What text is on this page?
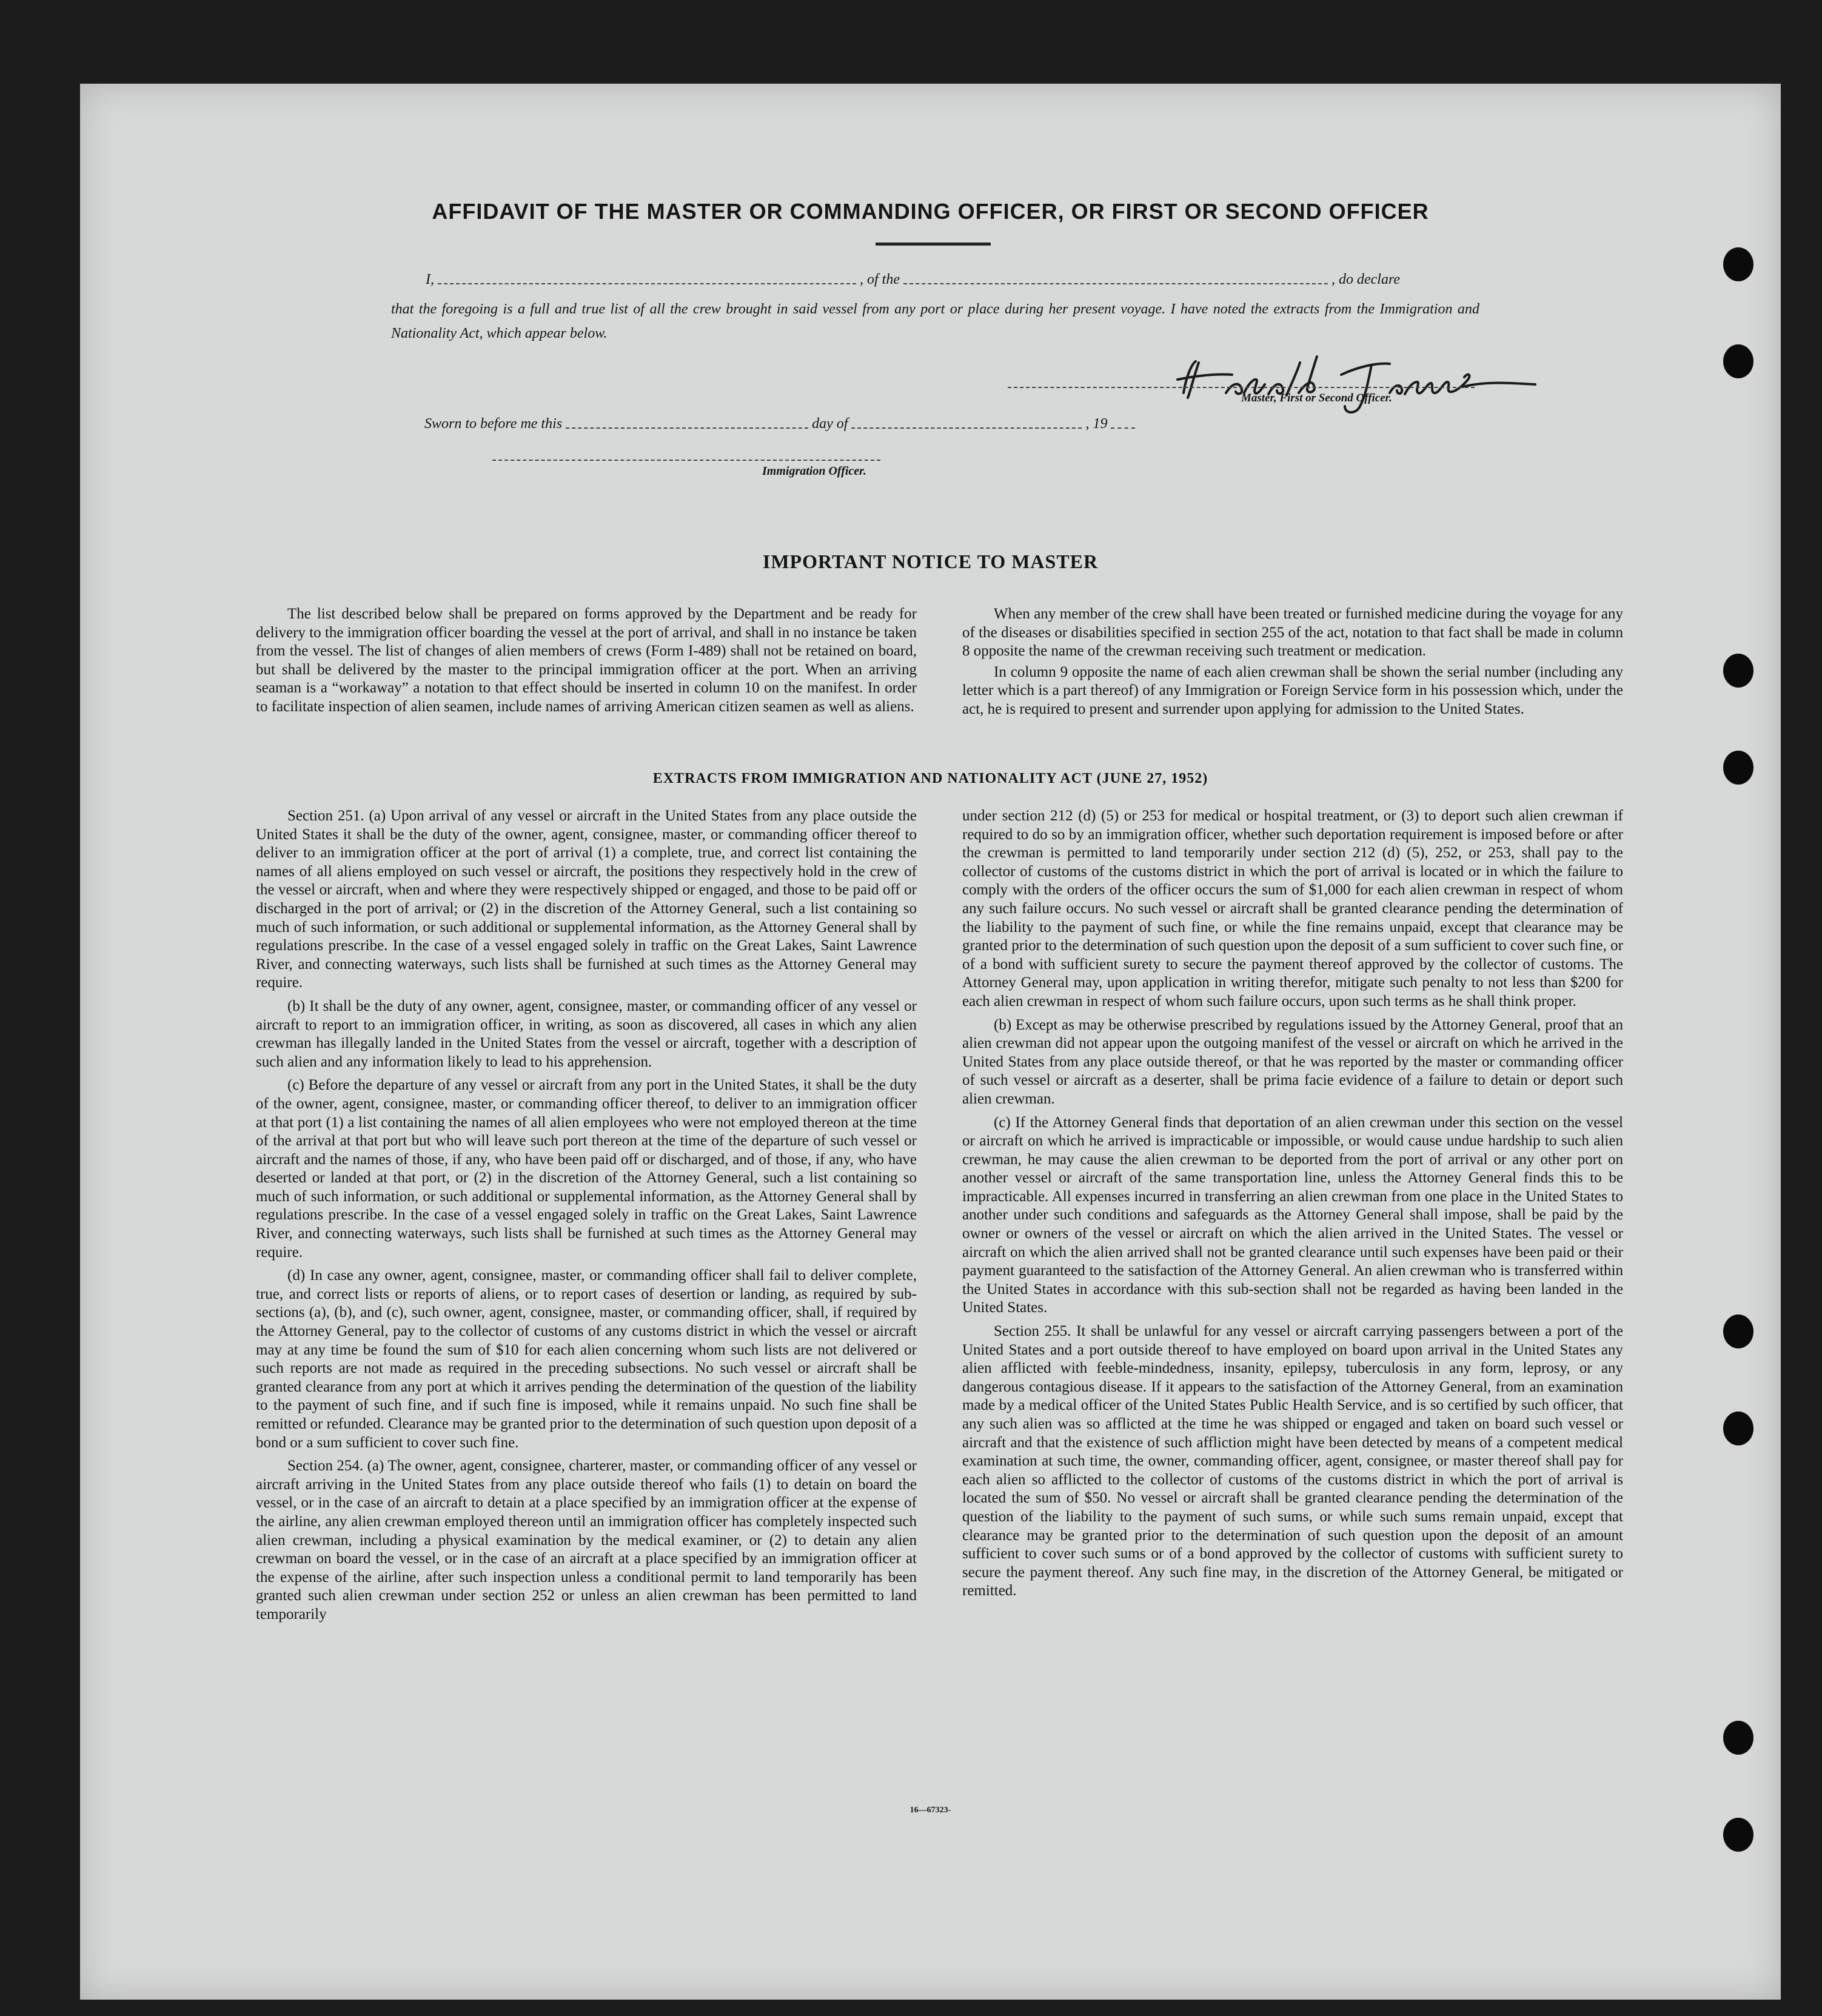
AFFIDAVIT OF THE MASTER OR COMMANDING OFFICER, OR FIRST OR SECOND OFFICER
I,	, of the	, do declare
that the foregoing is a full and true list of all the crew brought in said vessel from any port or place during her present voyage. I have noted the extracts from the Immigration and Nationality Act, which appear below.
Master, First or Second Officer.
Sworn to before me this	day of	, 19
Immigration Officer.
IMPORTANT NOTICE TO MASTER

The list described below shall be prepared on forms approved by the Department and be ready for delivery to the immigration officer boarding the vessel at the port of arrival, and shall in no instance be taken from the vessel. The list of changes of alien members of crews (Form I-489) shall not be retained on board, but shall be delivered by the master to the principal immigration officer at the port. When an arriving seaman is a “workaway” a notation to that effect should be inserted in column 10 on the manifest. In order to facilitate inspection of alien seamen, include names of arriving American citizen seamen as well as aliens.

When any member of the crew shall have been treated or furnished medicine during the voyage for any of the diseases or disabilities specified in section 255 of the act, notation to that fact shall be made in column 8 opposite the name of the crewman receiving such treatment or medication.

In column 9 opposite the name of each alien crewman shall be shown the serial number (including any letter which is a part thereof) of any Immigration or Foreign Service form in his possession which, under the act, he is required to present and surrender upon applying for admission to the United States.

EXTRACTS FROM IMMIGRATION AND NATIONALITY ACT (JUNE 27, 1952)

Section 251. (a) Upon arrival of any vessel or aircraft in the United States from any place outside the United States it shall be the duty of the owner, agent, consignee, master, or commanding officer thereof to deliver to an immigration officer at the port of arrival (1) a complete, true, and correct list containing the names of all aliens employed on such vessel or aircraft, the positions they respectively hold in the crew of the vessel or aircraft, when and where they were respectively shipped or engaged, and those to be paid off or discharged in the port of arrival; or (2) in the discretion of the Attorney General, such a list containing so much of such information, or such additional or supplemental information, as the Attorney General shall by regulations prescribe. In the case of a vessel engaged solely in traffic on the Great Lakes, Saint Lawrence River, and connecting waterways, such lists shall be furnished at such times as the Attorney General may require.

(b) It shall be the duty of any owner, agent, consignee, master, or commanding officer of any vessel or aircraft to report to an immigration officer, in writing, as soon as discovered, all cases in which any alien crewman has illegally landed in the United States from the vessel or aircraft, together with a description of such alien and any information likely to lead to his apprehension.

(c) Before the departure of any vessel or aircraft from any port in the United States, it shall be the duty of the owner, agent, consignee, master, or commanding officer thereof, to deliver to an immigration officer at that port (1) a list containing the names of all alien employees who were not employed thereon at the time of the arrival at that port but who will leave such port thereon at the time of the departure of such vessel or aircraft and the names of those, if any, who have been paid off or discharged, and of those, if any, who have deserted or landed at that port, or (2) in the discretion of the Attorney General, such a list containing so much of such information, or such additional or supplemental information, as the Attorney General shall by regulations prescribe. In the case of a vessel engaged solely in traffic on the Great Lakes, Saint Lawrence River, and connecting waterways, such lists shall be furnished at such times as the Attorney General may require.

(d) In case any owner, agent, consignee, master, or commanding officer shall fail to deliver complete, true, and correct lists or reports of aliens, or to report cases of desertion or landing, as required by sub-sections (a), (b), and (c), such owner, agent, consignee, master, or commanding officer, shall, if required by the Attorney General, pay to the collector of customs of any customs district in which the vessel or aircraft may at any time be found the sum of $10 for each alien concerning whom such lists are not delivered or such reports are not made as required in the preceding subsections. No such vessel or aircraft shall be granted clearance from any port at which it arrives pending the determination of the question of the liability to the payment of such fine, and if such fine is imposed, while it remains unpaid. No such fine shall be remitted or refunded. Clearance may be granted prior to the determination of such question upon deposit of a bond or a sum sufficient to cover such fine.

Section 254. (a) The owner, agent, consignee, charterer, master, or commanding officer of any vessel or aircraft arriving in the United States from any place outside thereof who fails (1) to detain on board the vessel, or in the case of an aircraft to detain at a place specified by an immigration officer at the expense of the airline, any alien crewman employed thereon until an immigration officer has completely inspected such alien crewman, including a physical examination by the medical examiner, or (2) to detain any alien crewman on board the vessel, or in the case of an aircraft at a place specified by an immigration officer at the expense of the airline, after such inspection unless a conditional permit to land temporarily has been granted such alien crewman under section 252 or unless an alien crewman has been permitted to land temporarily

under section 212 (d) (5) or 253 for medical or hospital treatment, or (3) to deport such alien crewman if required to do so by an immigration officer, whether such deportation requirement is imposed before or after the crewman is permitted to land temporarily under section 212 (d) (5), 252, or 253, shall pay to the collector of customs of the customs district in which the port of arrival is located or in which the failure to comply with the orders of the officer occurs the sum of $1,000 for each alien crewman in respect of whom any such failure occurs. No such vessel or aircraft shall be granted clearance pending the determination of the liability to the payment of such fine, or while the fine remains unpaid, except that clearance may be granted prior to the determination of such question upon the deposit of a sum sufficient to cover such fine, or of a bond with sufficient surety to secure the payment thereof approved by the collector of customs. The Attorney General may, upon application in writing therefor, mitigate such penalty to not less than $200 for each alien crewman in respect of whom such failure occurs, upon such terms as he shall think proper.

(b) Except as may be otherwise prescribed by regulations issued by the Attorney General, proof that an alien crewman did not appear upon the outgoing manifest of the vessel or aircraft on which he arrived in the United States from any place outside thereof, or that he was reported by the master or commanding officer of such vessel or aircraft as a deserter, shall be prima facie evidence of a failure to detain or deport such alien crewman.

(c) If the Attorney General finds that deportation of an alien crewman under this section on the vessel or aircraft on which he arrived is impracticable or impossible, or would cause undue hardship to such alien crewman, he may cause the alien crewman to be deported from the port of arrival or any other port on another vessel or aircraft of the same transportation line, unless the Attorney General finds this to be impracticable. All expenses incurred in transferring an alien crewman from one place in the United States to another under such conditions and safeguards as the Attorney General shall impose, shall be paid by the owner or owners of the vessel or aircraft on which the alien arrived in the United States. The vessel or aircraft on which the alien arrived shall not be granted clearance until such expenses have been paid or their payment guaranteed to the satisfaction of the Attorney General. An alien crewman who is transferred within the United States in accordance with this sub-section shall not be regarded as having been landed in the United States.

Section 255. It shall be unlawful for any vessel or aircraft carrying passengers between a port of the United States and a port outside thereof to have employed on board upon arrival in the United States any alien afflicted with feeble-mindedness, insanity, epilepsy, tuberculosis in any form, leprosy, or any dangerous contagious disease. If it appears to the satisfaction of the Attorney General, from an examination made by a medical officer of the United States Public Health Service, and is so certified by such officer, that any such alien was so afflicted at the time he was shipped or engaged and taken on board such vessel or aircraft and that the existence of such affliction might have been detected by means of a competent medical examination at such time, the owner, commanding officer, agent, consignee, or master thereof shall pay for each alien so afflicted to the collector of customs of the customs district in which the port of arrival is located the sum of $50. No vessel or aircraft shall be granted clearance pending the determination of the question of the liability to the payment of such sums, or while such sums remain unpaid, except that clearance may be granted prior to the determination of such question upon the deposit of an amount sufficient to cover such sums or of a bond approved by the collector of customs with sufficient surety to secure the payment thereof. Any such fine may, in the discretion of the Attorney General, be mitigated or remitted.

16—67323-
